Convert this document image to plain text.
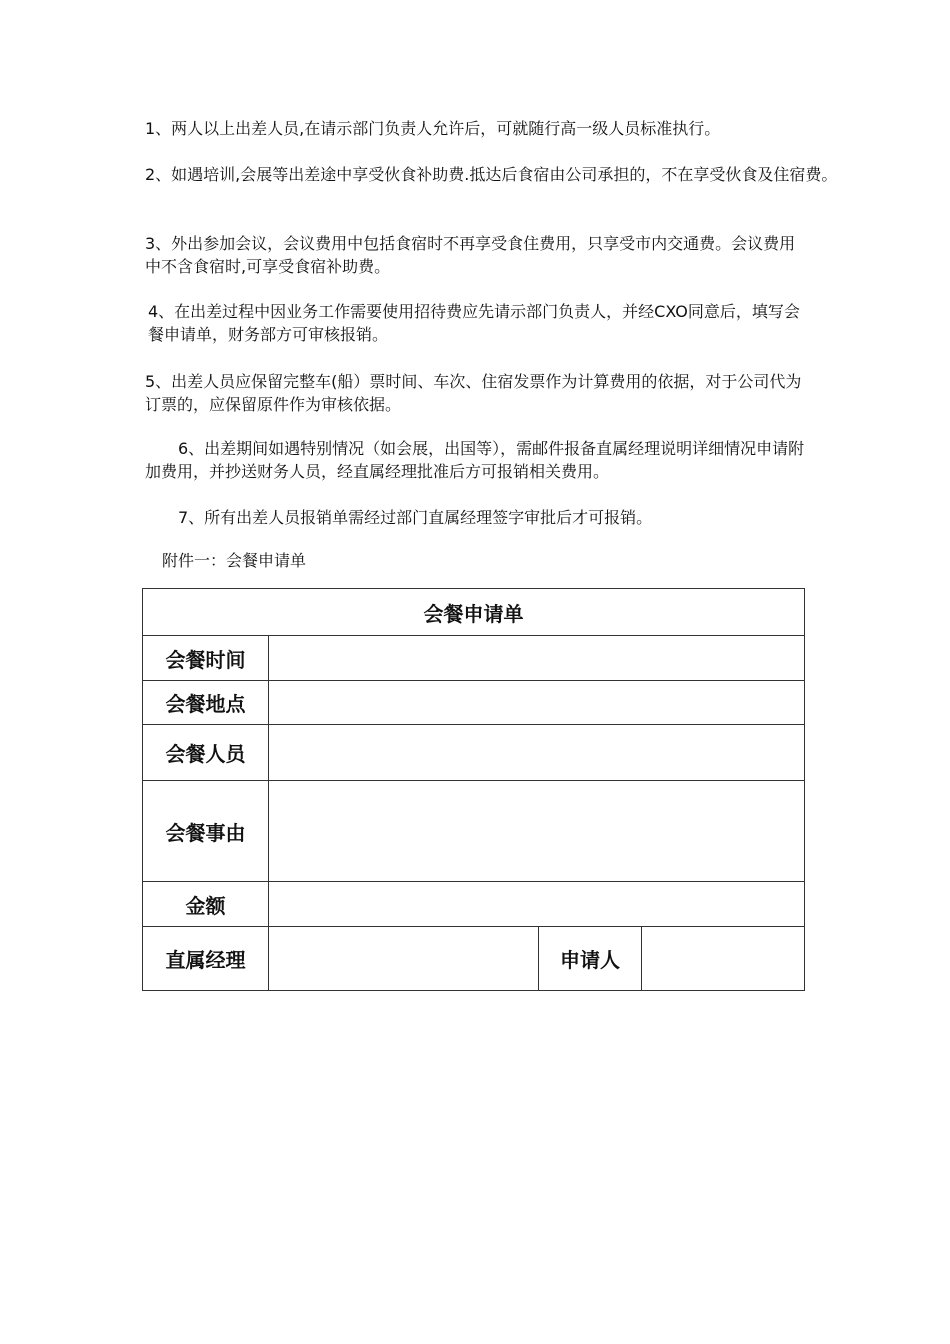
1、两人以上出差人员,在请示部门负责人允许后，可就随行高一级人员标准执行。

2、如遇培训,会展等出差途中享受伙食补助费.抵达后食宿由公司承担的，不在享受伙食及住宿费。

3、外出参加会议，会议费用中包括食宿时不再享受食住费用，只享受市内交通费。会议费用中不含食宿时,可享受食宿补助费。

4、在出差过程中因业务工作需要使用招待费应先请示部门负责人，并经CXO同意后，填写会餐申请单，财务部方可审核报销。

5、出差人员应保留完整车(船）票时间、车次、住宿发票作为计算费用的依据，对于公司代为订票的，应保留原件作为审核依据。

6、出差期间如遇特别情况（如会展，出国等），需邮件报备直属经理说明详细情况申请附加费用，并抄送财务人员，经直属经理批准后方可报销相关费用。

7、所有出差人员报销单需经过部门直属经理签字审批后才可报销。

附件一：会餐申请单
会餐申请单			
会餐时间			
会餐地点			
会餐人员			
会餐事由			
金额			
直属经理		申请人	
